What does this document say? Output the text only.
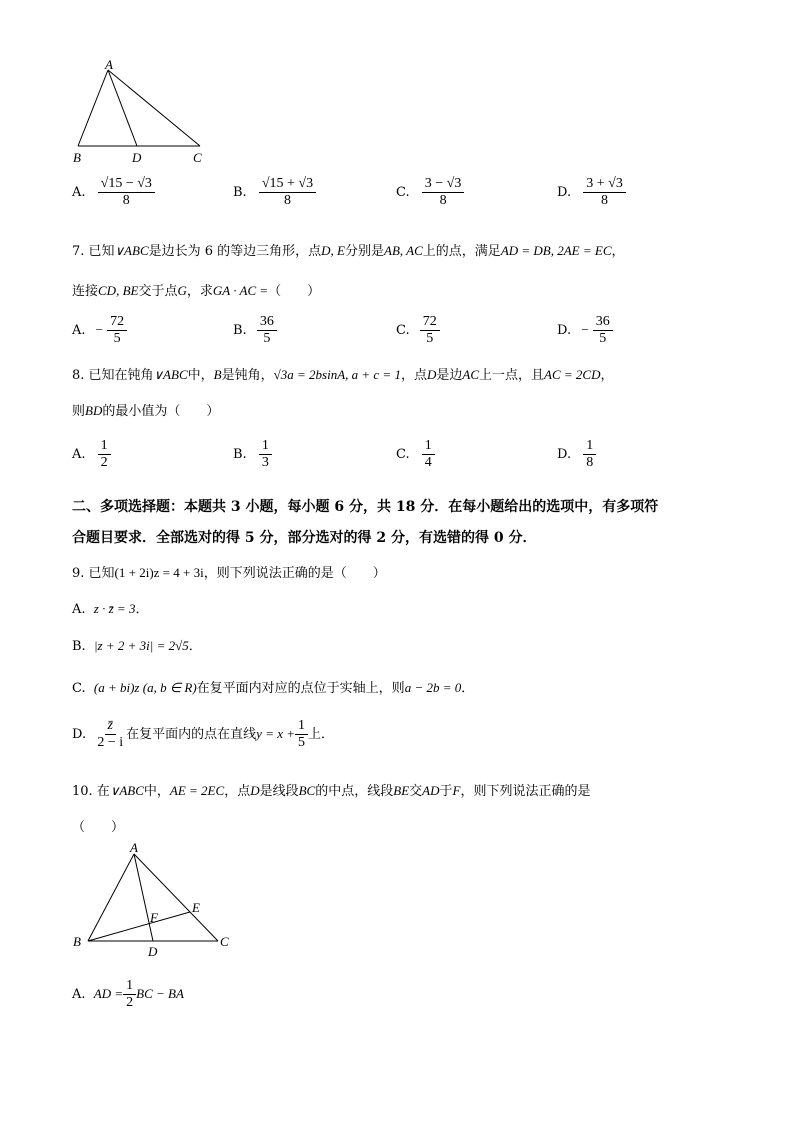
A
B	D	C
A. $\frac{√15 - √3}{8}$	B. $\frac{√15 + √3}{8}$	C. $\frac{3 - √3}{8}$	D. $\frac{3 + √3}{8}$
7. 已知∨ABC是边长为 6 的等边三角形，点D, E分别是AB, AC上的点，满足AD = DB, 2AE = EC，
连接CD, BE交于点G，求GA · AC =（　　）
A. − $\frac{72}{5}$	B. $\frac{36}{5}$	C. $\frac{72}{5}$	D. − $\frac{36}{5}$
8. 已知在钝角∨ABC中，B是钝角，√3a = 2bsinA, a + c = 1，点D是边AC上一点，且AC = 2CD，
则BD的最小值为（　　）
A. $\frac{1}{2}$	B. $\frac{1}{3}$	C. $\frac{1}{4}$	D. $\frac{1}{8}$
二、多项选择题：本题共 3 小题，每小题 6 分，共 18 分．在每小题给出的选项中，有多项符
合题目要求．全部选对的得 5 分，部分选对的得 2 分，有选错的得 0 分．
9. 已知(1 + 2i)z = 4 + 3i，则下列说法正确的是（　　）
A. z · z̄ = 3．
B. |z + 2 + 3i| = 2√5．
C. (a + bi)z (a, b ∈ R)在复平面内对应的点位于实轴上，则a − 2b = 0．
D. $\frac{z̄}{2 - i}$ 在复平面内的点在直线$y = x + \frac{1}{5}$ 上．
10. 在∨ABC中，AE = 2EC，点D是线段BC的中点，线段BE交AD于F，则下列说法正确的是
（　　）
A
E
F
B
D
C
A. AD = $\frac{1}{2}$ BC − BA
